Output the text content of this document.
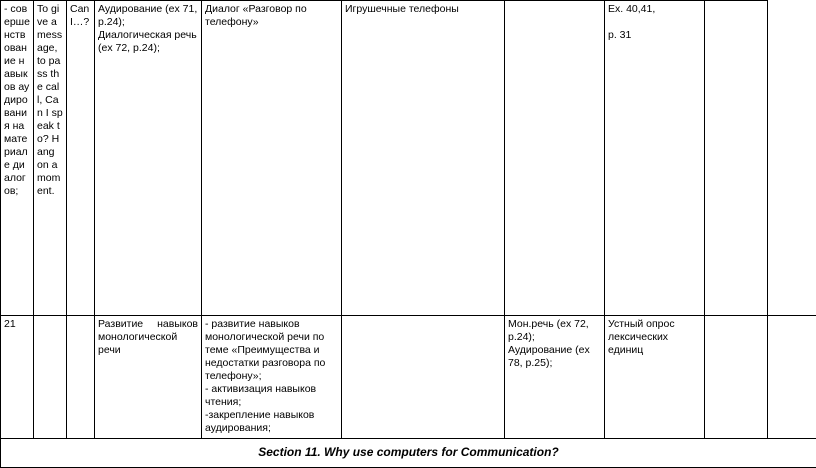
- совершенствование навыков аудирования на материале диалогов;	To give a message, to pass the call, Can I speak to? Hang on a moment.	Can I…?	Аудирование (ex 71, p.24); Диалогическая речь (ex 72, p.24);	Диалог «Разговор по телефону»	Игрушечные телефоны		Ex. 40,41,
p. 31		
21			Развитие навыков монологической речи	- развитие навыков монологической речи по теме «Преимущества и недостатки разговора по телефону»;
- активизация навыков чтения;
-закрепление навыков аудирования;		Мон.речь (ex 72, p.24); Аудирование (ex 78, p.25);	Устный опрос лексических единиц		
Section 11. Why use computers for Communication?									
